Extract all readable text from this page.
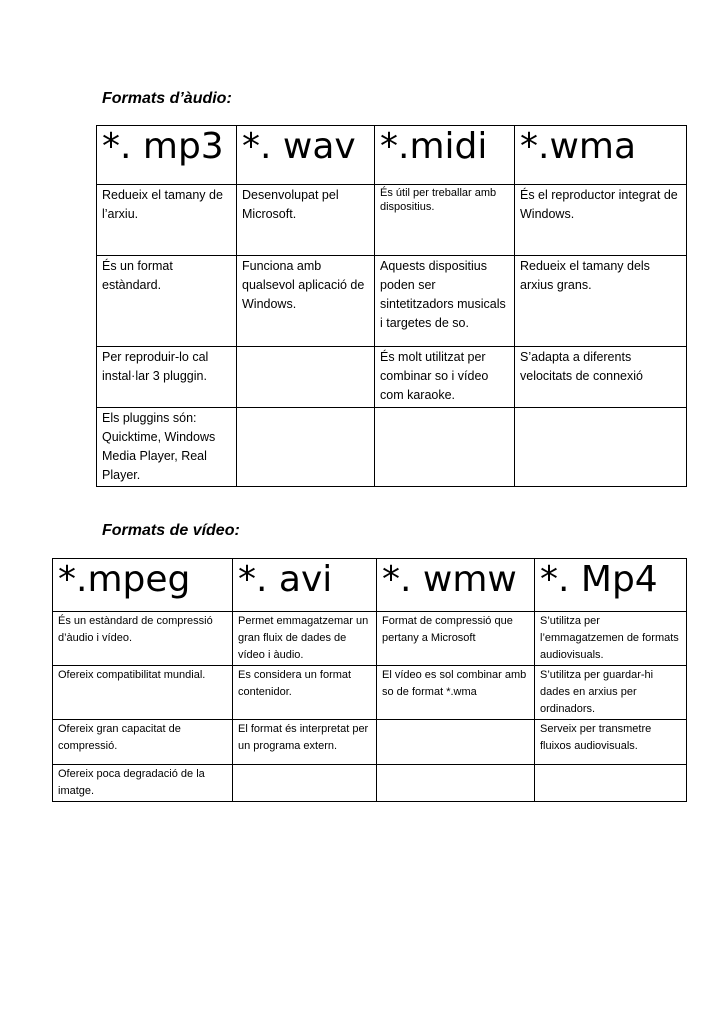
Formats d’àudio:

*. mp3	*. wav	*.midi	*.wma
Redueix el tamany de l’arxiu.	Desenvolupat pel Microsoft.	És útil per treballar amb dispositius.	És el reproductor integrat de Windows.
És un format estàndard.	Funciona amb qualsevol aplicació de Windows.	Aquests dispositius poden ser sintetitzadors musicals i targetes de so.	Redueix el tamany dels arxius grans.
Per reproduir-lo cal instal·lar 3 pluggin.		És molt utilitzat per combinar so i vídeo com karaoke.	S’adapta a diferents velocitats de connexió
Els pluggins són: Quicktime, Windows Media Player, Real Player.			

Formats de vídeo:

*.mpeg	*. avi	*. wmw	*. Mp4
És un estàndard de compressió d’àudio i vídeo.	Permet emmagatzemar un gran fluix de dades de vídeo i àudio.	Format de compressió que pertany a Microsoft	S’utilitza per l’emmagatzemen de formats audiovisuals.
Ofereix compatibilitat mundial.	Es considera un format contenidor.	El vídeo es sol combinar amb so de format *.wma	S’utilitza per guardar-hi dades en arxius per ordinadors.
Ofereix gran capacitat de compressió.	El format és interpretat per un programa extern.		Serveix per transmetre fluixos audiovisuals.
Ofereix poca degradació de la imatge.			
